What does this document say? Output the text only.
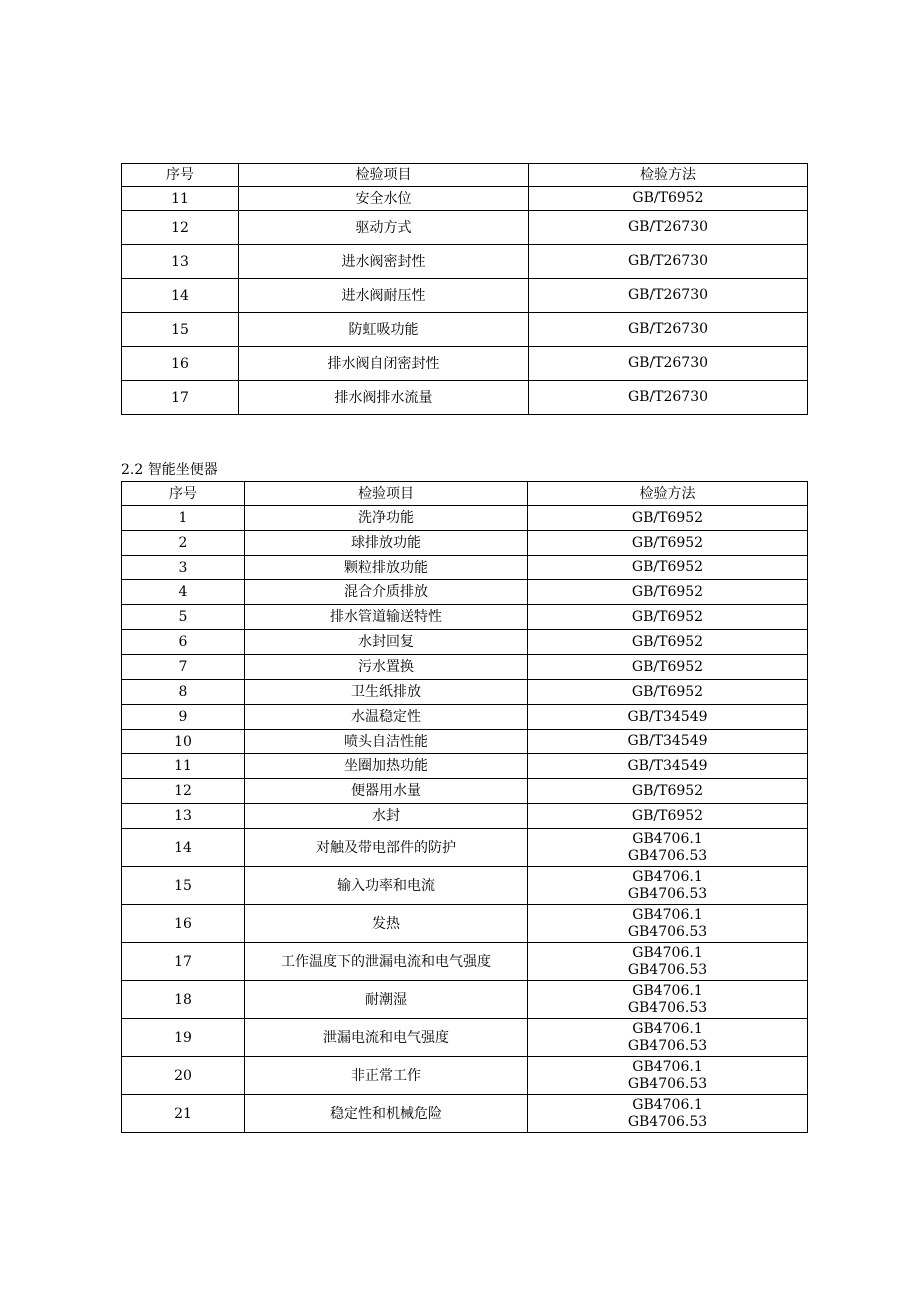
序号	检验项目	检验方法
11	安全水位	GB/T6952

12	驱动方式	GB/T26730

13	进水阀密封性	GB/T26730

14	进水阀耐压性	GB/T26730

15	防虹吸功能	GB/T26730

16	排水阀自闭密封性	GB/T26730

17	排水阀排水流量	GB/T26730
2.2 智能坐便器
序号	检验项目	检验方法
1	洗净功能	GB/T6952

2	球排放功能	GB/T6952

3	颗粒排放功能	GB/T6952

4	混合介质排放	GB/T6952

5	排水管道输送特性	GB/T6952

6	水封回复	GB/T6952

7	污水置换	GB/T6952

8	卫生纸排放	GB/T6952

9	水温稳定性	GB/T34549

10	喷头自洁性能	GB/T34549

11	坐圈加热功能	GB/T34549

12	便器用水量	GB/T6952

13	水封	GB/T6952

14	对触及带电部件的防护	GB4706.1
GB4706.53

15	输入功率和电流	GB4706.1
GB4706.53

16	发热	GB4706.1
GB4706.53

17	工作温度下的泄漏电流和电气强度	GB4706.1
GB4706.53

18	耐潮湿	GB4706.1
GB4706.53

19	泄漏电流和电气强度	GB4706.1
GB4706.53

20	非正常工作	GB4706.1
GB4706.53

21	稳定性和机械危险	GB4706.1
GB4706.53
